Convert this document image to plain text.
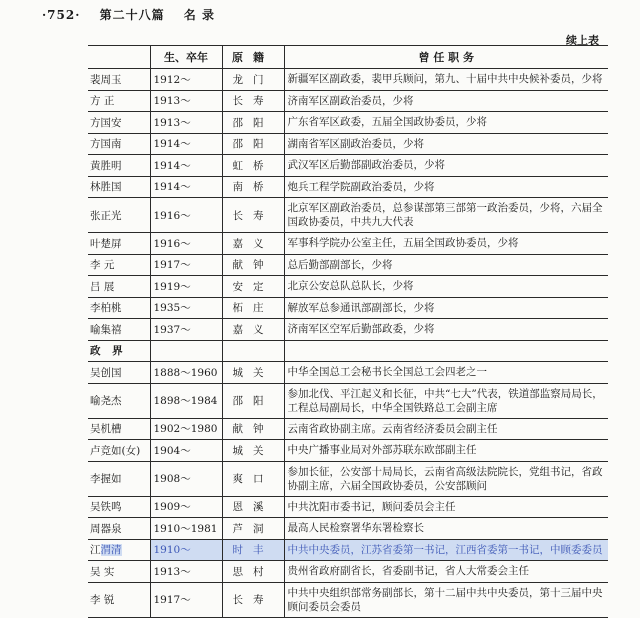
·752· 第二十八篇 名 录
续上表
	生、卒年	原籍	曾 任 职 务
裴周玉	1912～	龙门	新疆军区副政委，裴甲兵顾问，第九、十届中共中央候补委员，少将
方 正	1913～	长寿	济南军区副政治委员，少将
方国安	1913～	邵阳	广东省军区政委，五届全国政协委员，少将
方国南	1914～	邵阳	湖南省军区副政治委员，少将
黄胜明	1914～	虹桥	武汉军区后勤部副政治委员，少将
林胜国	1914～	南桥	炮兵工程学院副政治委员，少将
张正光	1916～	长寿	北京军区副政治委员，总参谋部第三部第一政治委员，少将，六届全国政协委员，中共九大代表
叶楚屏	1916～	嘉义	军事科学院办公室主任，五届全国政协委员，少将
李 元	1917～	献钟	总后勤部副部长，少将
吕 展	1919～	安定	北京公安总队总队长，少将
李柏桃	1935～	柘庄	解放军总参通讯部副部长，少将
喻集禧	1937～	嘉义	济南军区空军后勤部政委，少将
政 界			
吴创国	1888～1960	城关	中华全国总工会秘书长全国总工会四老之一
喻尧杰	1898～1984	邵阳	参加北伐、平江起义和长征，中共“七大”代表，铁道部监察局局长，工程总局副局长，中华全国铁路总工会副主席
吴机槽	1902～1980	献钟	云南省政协副主席。云南省经济委员会副主任
卢竞如(女)	1904～	城关	中央广播事业局对外部苏联东欧部副主任
李握如	1908～	爽口	参加长征，公安部十局局长，云南省高级法院院长，党组书记，省政协副主席，六届全国政协委员，公安部顾问
吴铁鸣	1909～	恩溪	中共沈阳市委书记，顾问委员会主任
周器泉	1910～1981	芦洞	最高人民检察署华东署检察长
江渭清	1910～	时丰	中共中央委员，江苏省委第一书记，江西省委第一书记，中顾委委员
吴 实	1913～	思村	贵州省政府副省长，省委副书记，省人大常委会主任
李 锐	1917～	长寿	中共中央组织部常务副部长，第十二届中共中央委员，第十三届中央顾问委员会委员
